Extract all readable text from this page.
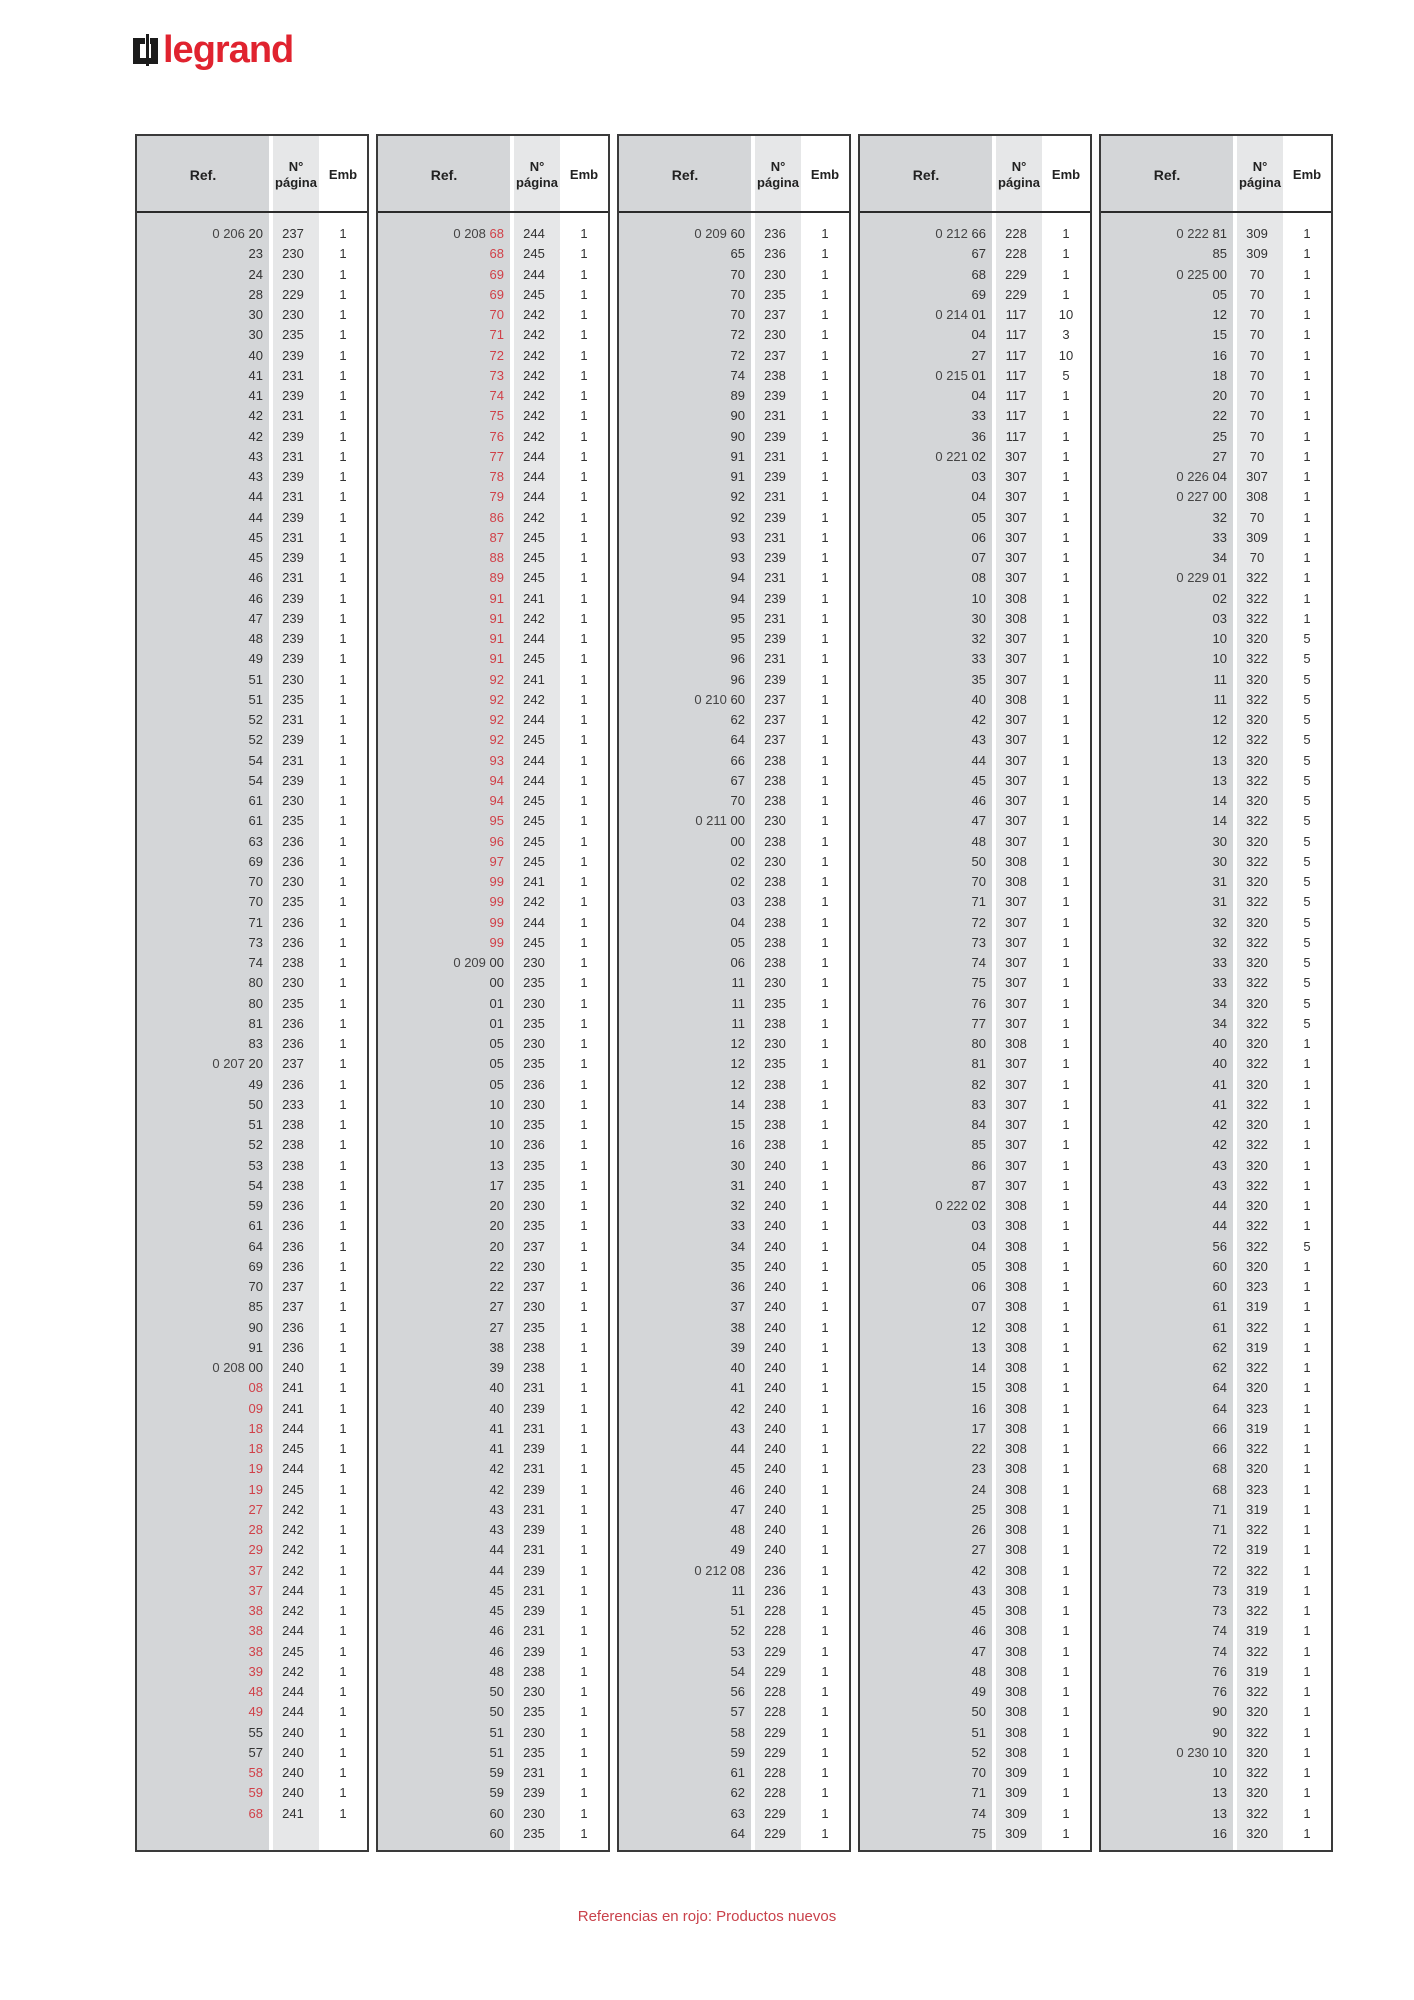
legrand
Ref.
N°
página Emb
0 206 20	237	1
23	230	1
24	230	1
28	229	1
30	230	1
30	235	1
40	239	1
41	231	1
41	239	1
42	231	1
42	239	1
43	231	1
43	239	1
44	231	1
44	239	1
45	231	1
45	239	1
46	231	1
46	239	1
47	239	1
48	239	1
49	239	1
51	230	1
51	235	1
52	231	1
52	239	1
54	231	1
54	239	1
61	230	1
61	235	1
63	236	1
69	236	1
70	230	1
70	235	1
71	236	1
73	236	1
74	238	1
80	230	1
80	235	1
81	236	1
83	236	1
0 207 20	237	1
49	236	1
50	233	1
51	238	1
52	238	1
53	238	1
54	238	1
59	236	1
61	236	1
64	236	1
69	236	1
70	237	1
85	237	1
90	236	1
91	236	1
0 208 00	240	1
08	241	1
09	241	1
18	244	1
18	245	1
19	244	1
19	245	1
27	242	1
28	242	1
29	242	1
37	242	1
37	244	1
38	242	1
38	244	1
38	245	1
39	242	1
48	244	1
49	244	1
55	240	1
57	240	1
58	240	1
59	240	1
68	241	1
Ref.
N°
página Emb
0 208 68	244	1
68	245	1
69	244	1
69	245	1
70	242	1
71	242	1
72	242	1
73	242	1
74	242	1
75	242	1
76	242	1
77	244	1
78	244	1
79	244	1
86	242	1
87	245	1
88	245	1
89	245	1
91	241	1
91	242	1
91	244	1
91	245	1
92	241	1
92	242	1
92	244	1
92	245	1
93	244	1
94	244	1
94	245	1
95	245	1
96	245	1
97	245	1
99	241	1
99	242	1
99	244	1
99	245	1
0 209 00	230	1
00	235	1
01	230	1
01	235	1
05	230	1
05	235	1
05	236	1
10	230	1
10	235	1
10	236	1
13	235	1
17	235	1
20	230	1
20	235	1
20	237	1
22	230	1
22	237	1
27	230	1
27	235	1
38	238	1
39	238	1
40	231	1
40	239	1
41	231	1
41	239	1
42	231	1
42	239	1
43	231	1
43	239	1
44	231	1
44	239	1
45	231	1
45	239	1
46	231	1
46	239	1
48	238	1
50	230	1
50	235	1
51	230	1
51	235	1
59	231	1
59	239	1
60	230	1
60	235	1
Ref.
N°
página Emb
0 209 60	236	1
65	236	1
70	230	1
70	235	1
70	237	1
72	230	1
72	237	1
74	238	1
89	239	1
90	231	1
90	239	1
91	231	1
91	239	1
92	231	1
92	239	1
93	231	1
93	239	1
94	231	1
94	239	1
95	231	1
95	239	1
96	231	1
96	239	1
0 210 60	237	1
62	237	1
64	237	1
66	238	1
67	238	1
70	238	1
0 211 00	230	1
00	238	1
02	230	1
02	238	1
03	238	1
04	238	1
05	238	1
06	238	1
11	230	1
11	235	1
11	238	1
12	230	1
12	235	1
12	238	1
14	238	1
15	238	1
16	238	1
30	240	1
31	240	1
32	240	1
33	240	1
34	240	1
35	240	1
36	240	1
37	240	1
38	240	1
39	240	1
40	240	1
41	240	1
42	240	1
43	240	1
44	240	1
45	240	1
46	240	1
47	240	1
48	240	1
49	240	1
0 212 08	236	1
11	236	1
51	228	1
52	228	1
53	229	1
54	229	1
56	228	1
57	228	1
58	229	1
59	229	1
61	228	1
62	228	1
63	229	1
64	229	1
Ref.
N°
página Emb
0 212 66	228	1
67	228	1
68	229	1
69	229	1
0 214 01	117	10
04	117	3
27	117	10
0 215 01	117	5
04	117	1
33	117	1
36	117	1
0 221 02	307	1
03	307	1
04	307	1
05	307	1
06	307	1
07	307	1
08	307	1
10	308	1
30	308	1
32	307	1
33	307	1
35	307	1
40	308	1
42	307	1
43	307	1
44	307	1
45	307	1
46	307	1
47	307	1
48	307	1
50	308	1
70	308	1
71	307	1
72	307	1
73	307	1
74	307	1
75	307	1
76	307	1
77	307	1
80	308	1
81	307	1
82	307	1
83	307	1
84	307	1
85	307	1
86	307	1
87	307	1
0 222 02	308	1
03	308	1
04	308	1
05	308	1
06	308	1
07	308	1
12	308	1
13	308	1
14	308	1
15	308	1
16	308	1
17	308	1
22	308	1
23	308	1
24	308	1
25	308	1
26	308	1
27	308	1
42	308	1
43	308	1
45	308	1
46	308	1
47	308	1
48	308	1
49	308	1
50	308	1
51	308	1
52	308	1
70	309	1
71	309	1
74	309	1
75	309	1
Ref.
N°
página Emb
0 222 81	309	1
85	309	1
0 225 00	70	1
05	70	1
12	70	1
15	70	1
16	70	1
18	70	1
20	70	1
22	70	1
25	70	1
27	70	1
0 226 04	307	1
0 227 00	308	1
32	70	1
33	309	1
34	70	1
0 229 01	322	1
02	322	1
03	322	1
10	320	5
10	322	5
11	320	5
11	322	5
12	320	5
12	322	5
13	320	5
13	322	5
14	320	5
14	322	5
30	320	5
30	322	5
31	320	5
31	322	5
32	320	5
32	322	5
33	320	5
33	322	5
34	320	5
34	322	5
40	320	1
40	322	1
41	320	1
41	322	1
42	320	1
42	322	1
43	320	1
43	322	1
44	320	1
44	322	1
56	322	5
60	320	1
60	323	1
61	319	1
61	322	1
62	319	1
62	322	1
64	320	1
64	323	1
66	319	1
66	322	1
68	320	1
68	323	1
71	319	1
71	322	1
72	319	1
72	322	1
73	319	1
73	322	1
74	319	1
74	322	1
76	319	1
76	322	1
90	320	1
90	322	1
0 230 10	320	1
10	322	1
13	320	1
13	322	1
16	320	1
Referencias en rojo: Productos nuevos
